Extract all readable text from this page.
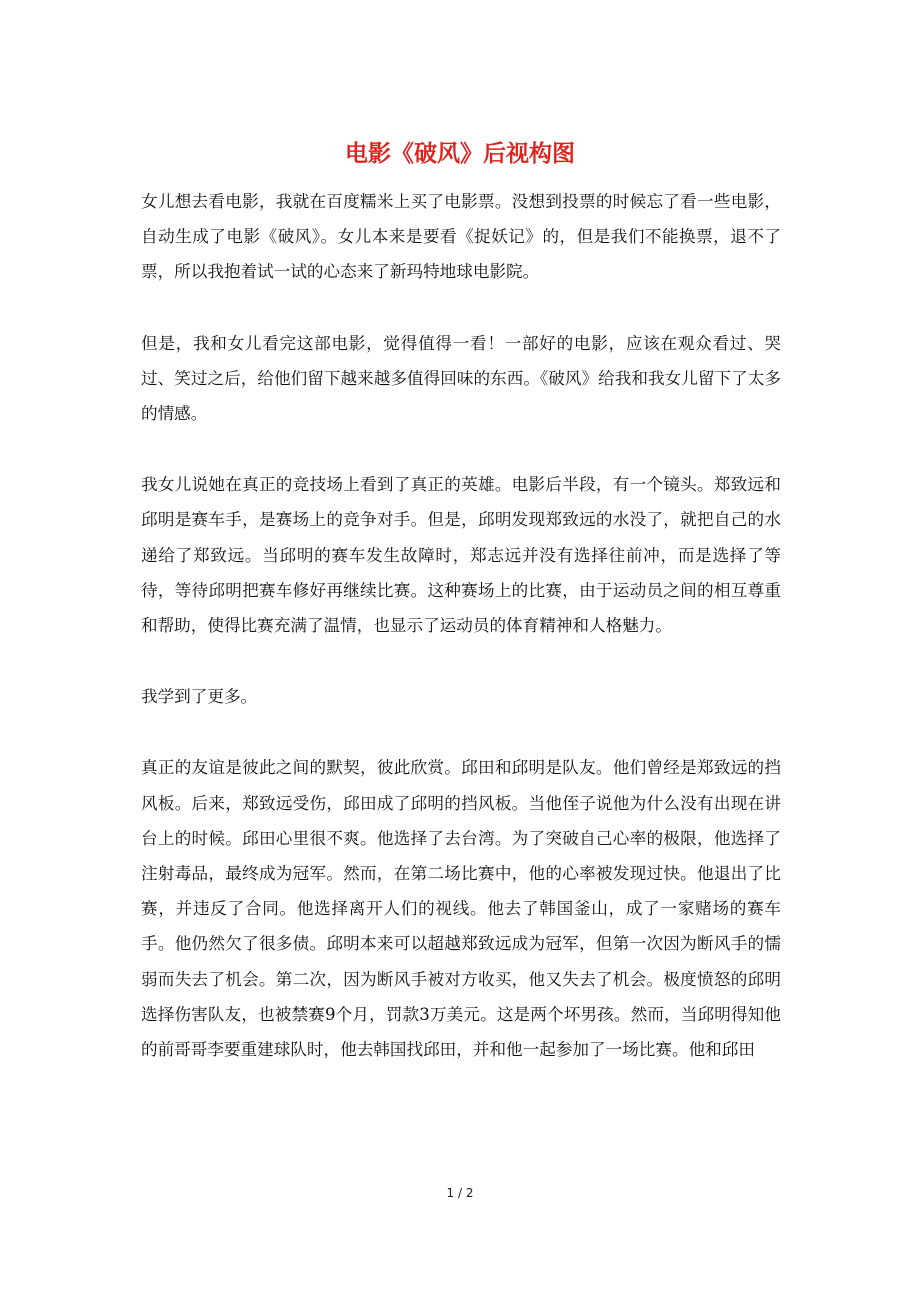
电影《破风》后视构图

女儿想去看电影，我就在百度糯米上买了电影票。没想到投票的时候忘了看一些电影，自动生成了电影《破风》。女儿本来是要看《捉妖记》的，但是我们不能换票，退不了票，所以我抱着试一试的心态来了新玛特地球电影院。

但是，我和女儿看完这部电影，觉得值得一看！一部好的电影，应该在观众看过、哭过、笑过之后，给他们留下越来越多值得回味的东西。《破风》给我和我女儿留下了太多的情感。

我女儿说她在真正的竞技场上看到了真正的英雄。电影后半段，有一个镜头。郑致远和邱明是赛车手，是赛场上的竞争对手。但是，邱明发现郑致远的水没了，就把自己的水递给了郑致远。当邱明的赛车发生故障时，郑志远并没有选择往前冲，而是选择了等待，等待邱明把赛车修好再继续比赛。这种赛场上的比赛，由于运动员之间的相互尊重和帮助，使得比赛充满了温情，也显示了运动员的体育精神和人格魅力。

我学到了更多。

真正的友谊是彼此之间的默契，彼此欣赏。邱田和邱明是队友。他们曾经是郑致远的挡风板。后来，郑致远受伤，邱田成了邱明的挡风板。当他侄子说他为什么没有出现在讲台上的时候。邱田心里很不爽。他选择了去台湾。为了突破自己心率的极限，他选择了注射毒品，最终成为冠军。然而，在第二场比赛中，他的心率被发现过快。他退出了比赛，并违反了合同。他选择离开人们的视线。他去了韩国釜山，成了一家赌场的赛车手。他仍然欠了很多债。邱明本来可以超越郑致远成为冠军，但第一次因为断风手的懦弱而失去了机会。第二次，因为断风手被对方收买，他又失去了机会。极度愤怒的邱明选择伤害队友，也被禁赛9个月，罚款3万美元。这是两个坏男孩。然而，当邱明得知他的前哥哥李要重建球队时，他去韩国找邱田，并和他一起参加了一场比赛。他和邱田

1 / 2
